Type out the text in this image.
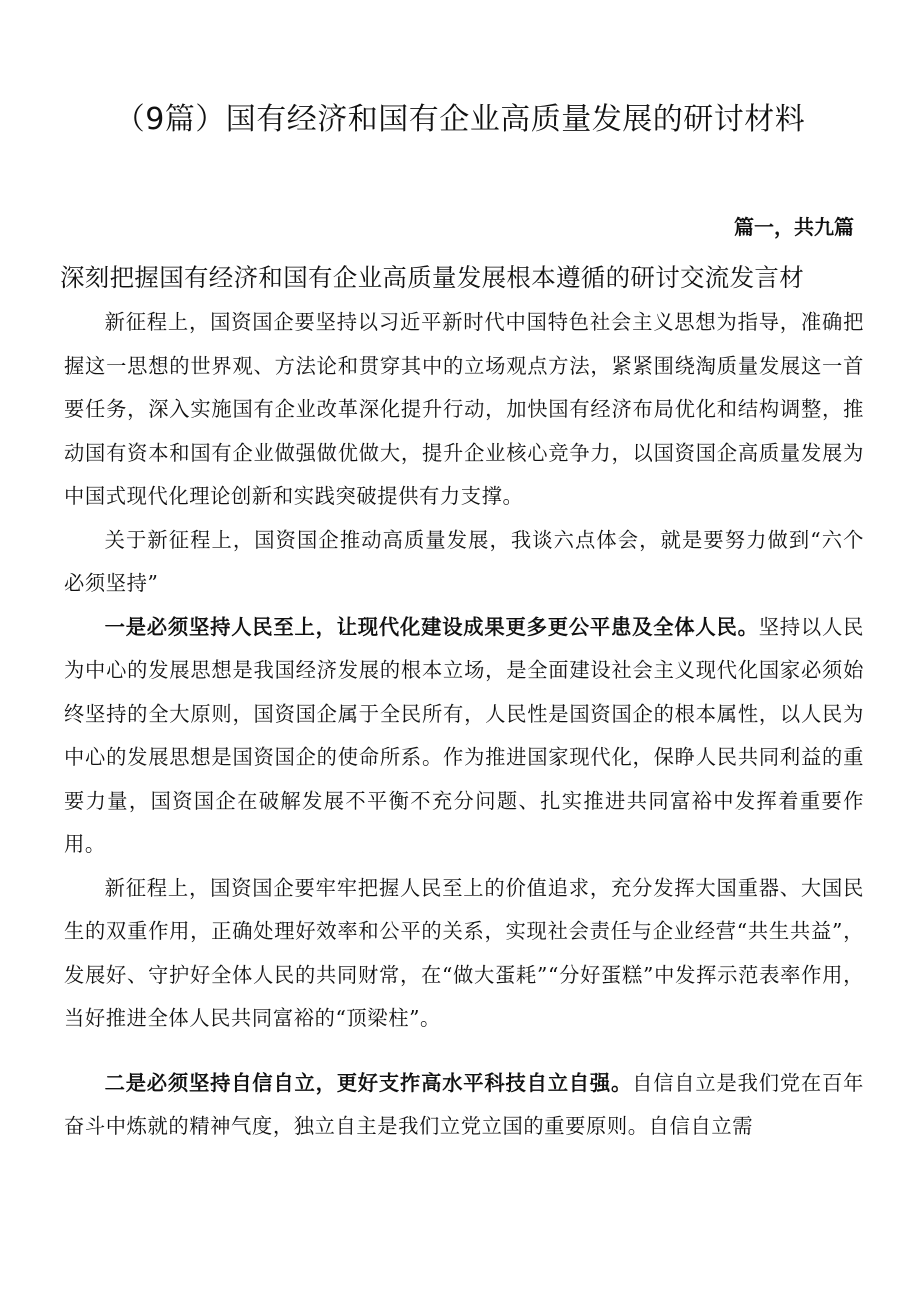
（9篇）国有经济和国有企业高质量发展的研讨材料
篇一，共九篇
深刻把握国有经济和国有企业高质量发展根本遵循的研讨交流发言材

新征程上，国资国企要坚持以习近平新时代中国特色社会主义思想为指导，准确把握这一思想的世界观、方法论和贯穿其中的立场观点方法，紧紧围绕淘质量发展这一首要任务，深入实施国有企业改革深化提升行动，加快国有经济布局优化和结构调整，推动国有资本和国有企业做强做优做大，提升企业核心竞争力，以国资国企高质量发展为中国式现代化理论创新和实践突破提供有力支撑。

关于新征程上，国资国企推动高质量发展，我谈六点体会，就是要努力做到“六个必须坚持”

一是必须坚持人民至上，让现代化建设成果更多更公平患及全体人民。坚持以人民为中心的发展思想是我国经济发展的根本立场，是全面建设社会主义现代化国家必须始终坚持的全大原则，国资国企属于全民所有，人民性是国资国企的根本属性，以人民为中心的发展思想是国资国企的使命所系。作为推进国家现代化，保睁人民共同利益的重要力量，国资国企在破解发展不平衡不充分问题、扎实推进共同富裕中发挥着重要作用。

新征程上，国资国企要牢牢把握人民至上的价值追求，充分发挥大国重器、大国民生的双重作用，正确处理好效率和公平的关系，实现社会责任与企业经营“共生共益”，发展好、守护好全体人民的共同财常，在“做大蛋耗”“分好蛋糕”中发挥示范表率作用，当好推进全体人民共同富裕的“顶梁柱”。

二是必须坚持自信自立，更好支拃高水平科技自立自强。自信自立是我们党在百年奋斗中炼就的精神气度，独立自主是我们立党立国的重要原则。自信自立需
